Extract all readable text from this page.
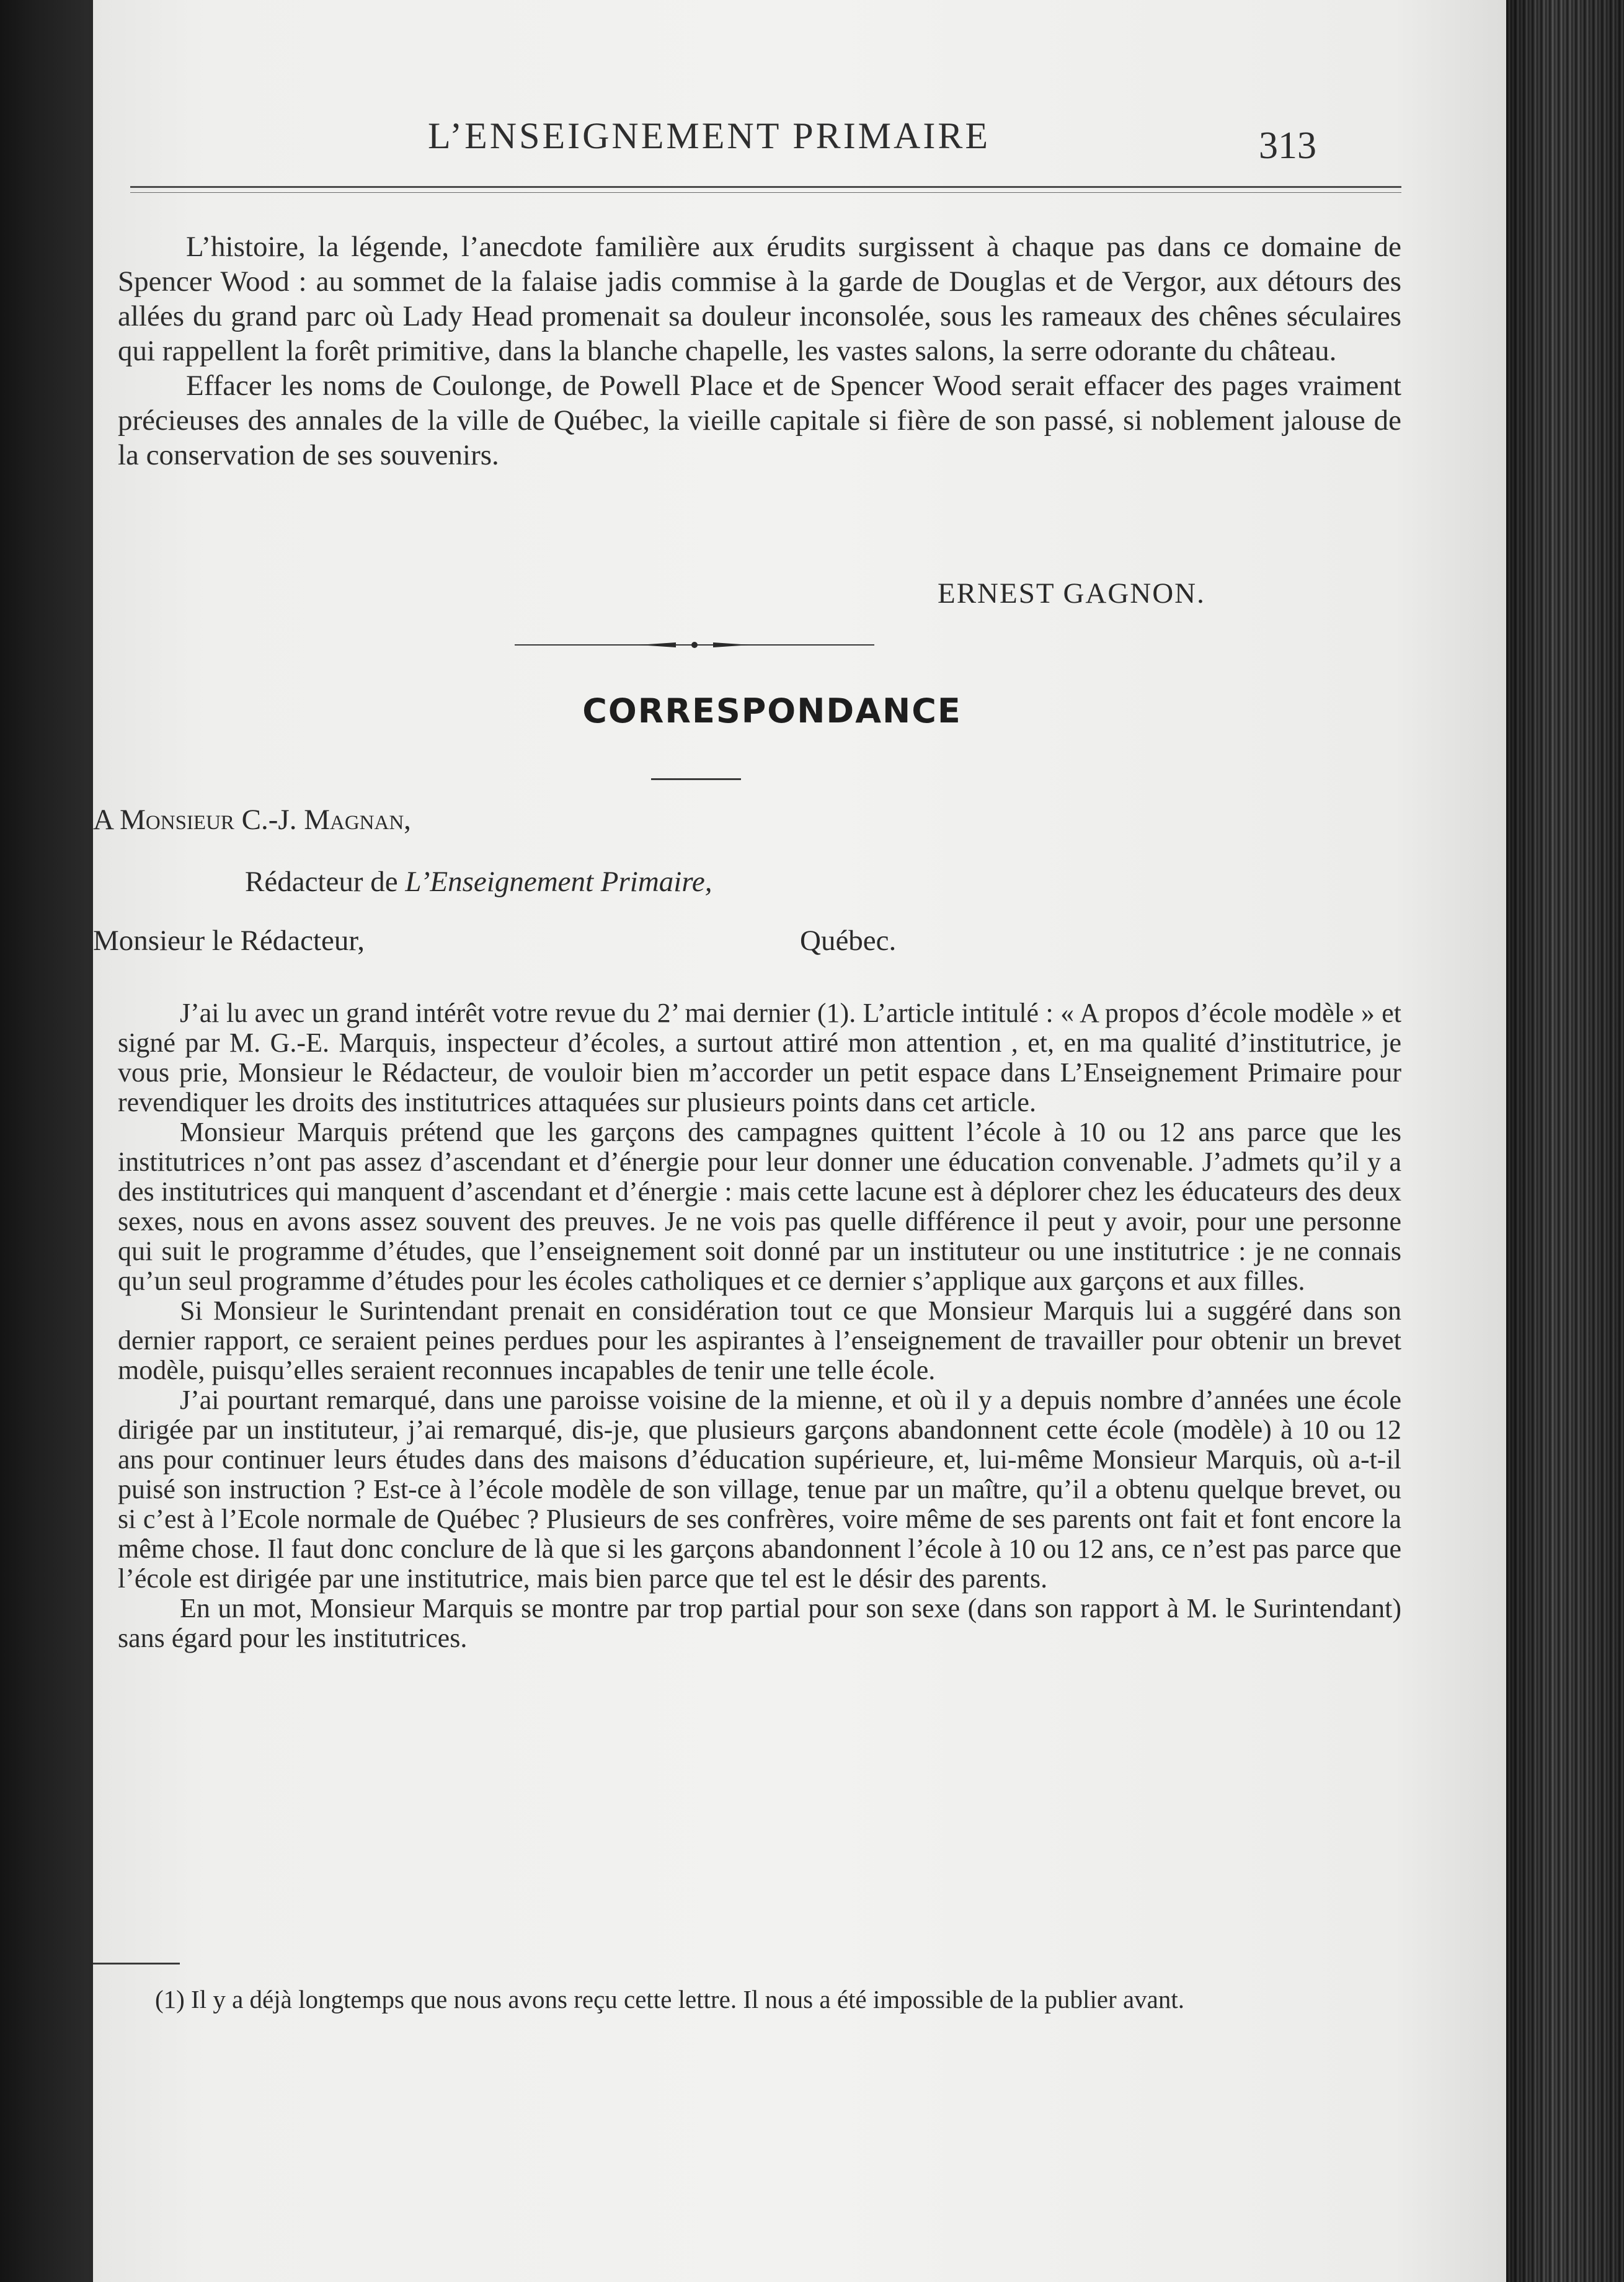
L’ENSEIGNEMENT PRIMAIRE	313

L’histoire, la légende, l’anecdote familière aux érudits surgissent à chaque pas dans ce domaine de Spencer Wood : au sommet de la falaise jadis commise à la garde de Douglas et de Vergor, aux détours des allées du grand parc où Lady Head promenait sa douleur inconsolée, sous les rameaux des chênes séculaires qui rappellent la forêt primitive, dans la blanche chapelle, les vastes salons, la serre odorante du château.

Effacer les noms de Coulonge, de Powell Place et de Spencer Wood serait effacer des pages vraiment précieuses des annales de la ville de Québec, la vieille capitale si fière de son passé, si noblement jalouse de la conservation de ses souvenirs.

ERNEST GAGNON.
CORRESPONDANCE
A Monsieur C.-J. Magnan,
Rédacteur de L’Enseignement Primaire,
Monsieur le Rédacteur,	Québec.

J’ai lu avec un grand intérêt votre revue du 2’ mai dernier (1). L’article intitulé : « A propos d’école modèle » et signé par M. G.-E. Marquis, inspecteur d’écoles, a surtout attiré mon attention , et, en ma qualité d’institutrice, je vous prie, Monsieur le Rédacteur, de vouloir bien m’accorder un petit espace dans L’Enseignement Primaire pour revendiquer les droits des institutrices attaquées sur plusieurs points dans cet article.

Monsieur Marquis prétend que les garçons des campagnes quittent l’école à 10 ou 12 ans parce que les institutrices n’ont pas assez d’ascendant et d’énergie pour leur donner une éducation convenable. J’admets qu’il y a des institutrices qui manquent d’ascendant et d’énergie : mais cette lacune est à déplorer chez les éducateurs des deux sexes, nous en avons assez souvent des preuves. Je ne vois pas quelle différence il peut y avoir, pour une personne qui suit le programme d’études, que l’enseignement soit donné par un instituteur ou une institutrice : je ne connais qu’un seul programme d’études pour les écoles catholiques et ce dernier s’applique aux garçons et aux filles.

Si Monsieur le Surintendant prenait en considération tout ce que Monsieur Marquis lui a suggéré dans son dernier rapport, ce seraient peines perdues pour les aspirantes à l’enseignement de travailler pour obtenir un brevet modèle, puisqu’elles seraient reconnues incapables de tenir une telle école.

J’ai pourtant remarqué, dans une paroisse voisine de la mienne, et où il y a depuis nombre d’années une école dirigée par un instituteur, j’ai remarqué, dis-je, que plusieurs garçons abandonnent cette école (modèle) à 10 ou 12 ans pour continuer leurs études dans des maisons d’éducation supérieure, et, lui-même Monsieur Marquis, où a-t-il puisé son instruction ? Est-ce à l’école modèle de son village, tenue par un maître, qu’il a obtenu quelque brevet, ou si c’est à l’Ecole normale de Québec ? Plusieurs de ses confrères, voire même de ses parents ont fait et font encore la même chose. Il faut donc conclure de là que si les garçons abandonnent l’école à 10 ou 12 ans, ce n’est pas parce que l’école est dirigée par une institutrice, mais bien parce que tel est le désir des parents.

En un mot, Monsieur Marquis se montre par trop partial pour son sexe (dans son rapport à M. le Surintendant) sans égard pour les institutrices.

(1) Il y a déjà longtemps que nous avons reçu cette lettre. Il nous a été impossible de la publier avant.
